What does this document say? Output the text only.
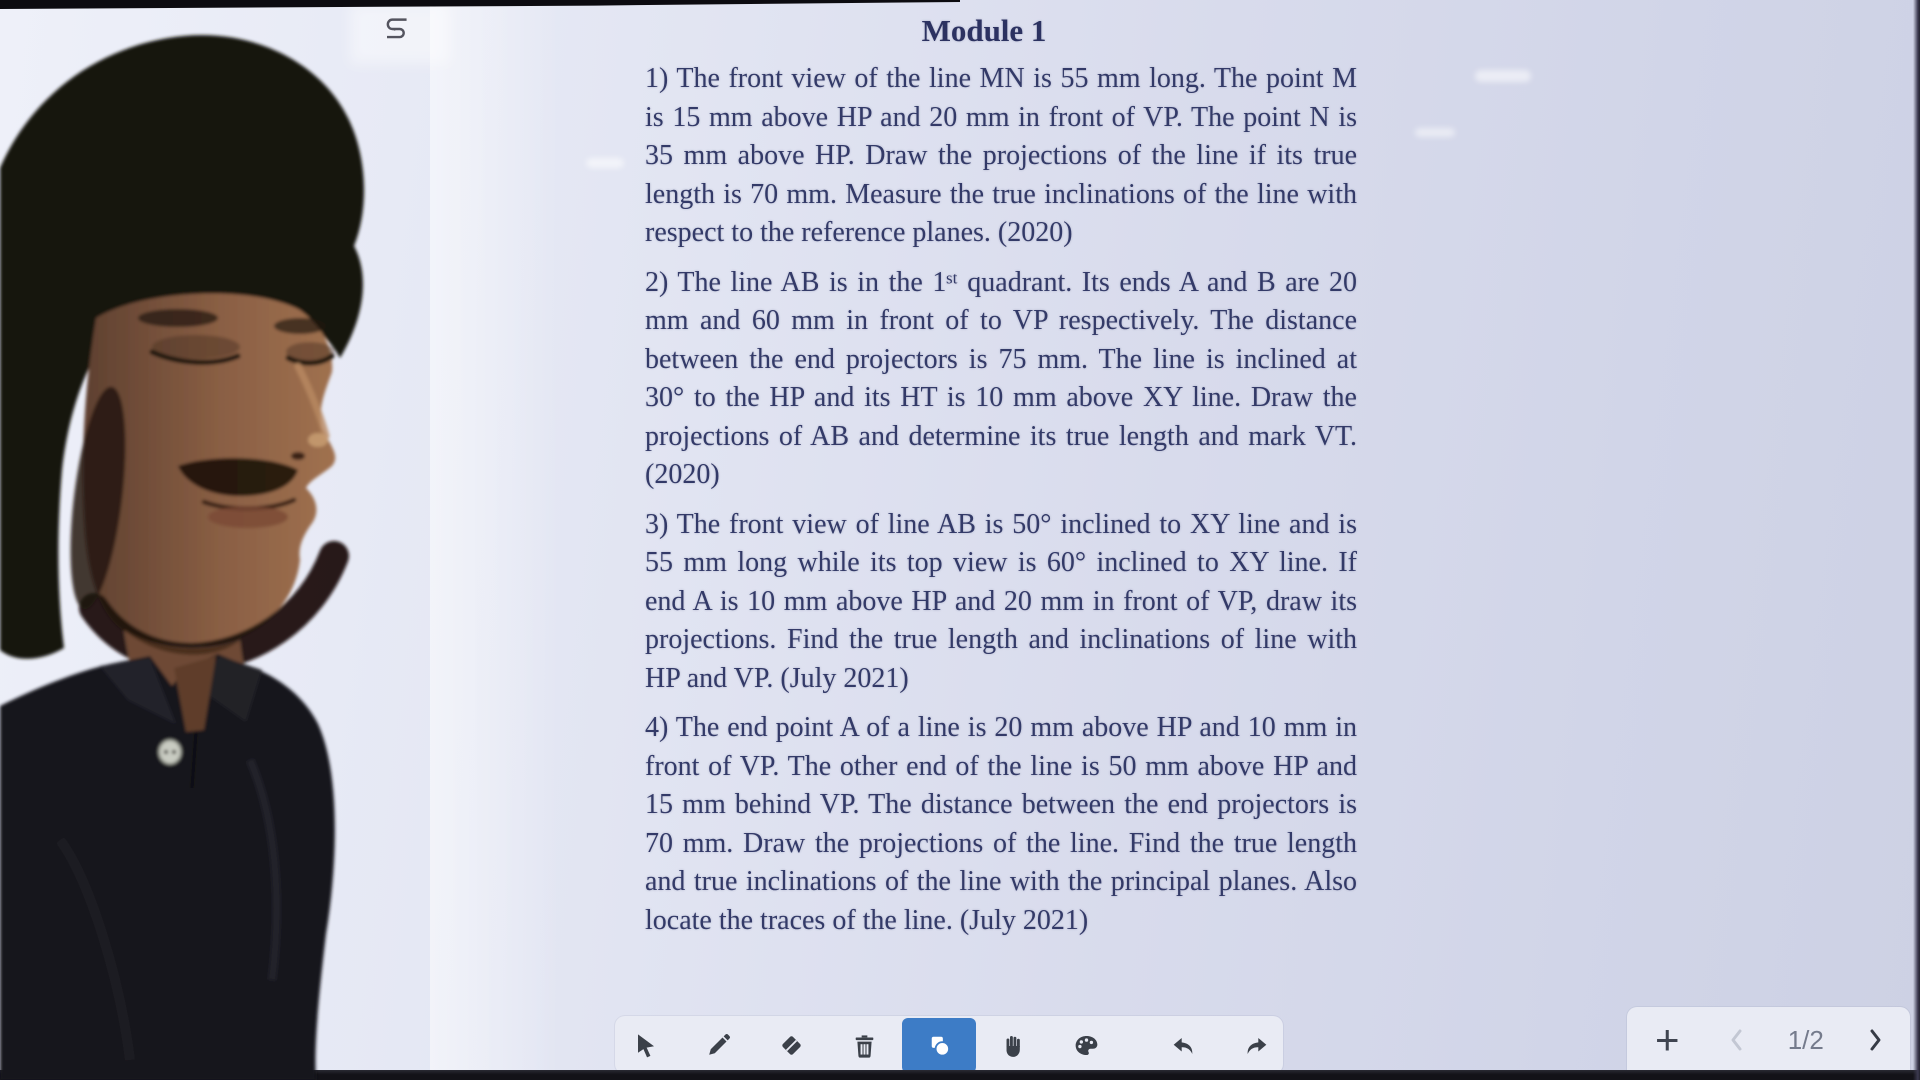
Module 1

1) The front view of the line MN is 55 mm long. The point M is 15 mm above HP and 20 mm in front of VP. The point N is 35 mm above HP. Draw the projections of the line if its true length is 70 mm. Measure the true inclinations of the line with respect to the reference planes. (2020)

2) The line AB is in the 1ˢᵗ quadrant. Its ends A and B are 20 mm and 60 mm in front of to VP respectively. The distance between the end projectors is 75 mm. The line is inclined at 30° to the HP and its HT is 10 mm above XY line. Draw the projections of AB and determine its true length and mark VT. (2020)

3) The front view of line AB is 50° inclined to XY line and is 55 mm long while its top view is 60° inclined to XY line. If end A is 10 mm above HP and 20 mm in front of VP, draw its projections. Find the true length and inclinations of line with HP and VP. (July 2021)

4) The end point A of a line is 20 mm above HP and 10 mm in front of VP. The other end of the line is 50 mm above HP and 15 mm behind VP. The distance between the end projectors is 70 mm. Draw the projections of the line. Find the true length and true inclinations of the line with the principal planes. Also locate the traces of the line. (July 2021)

+	1/2
